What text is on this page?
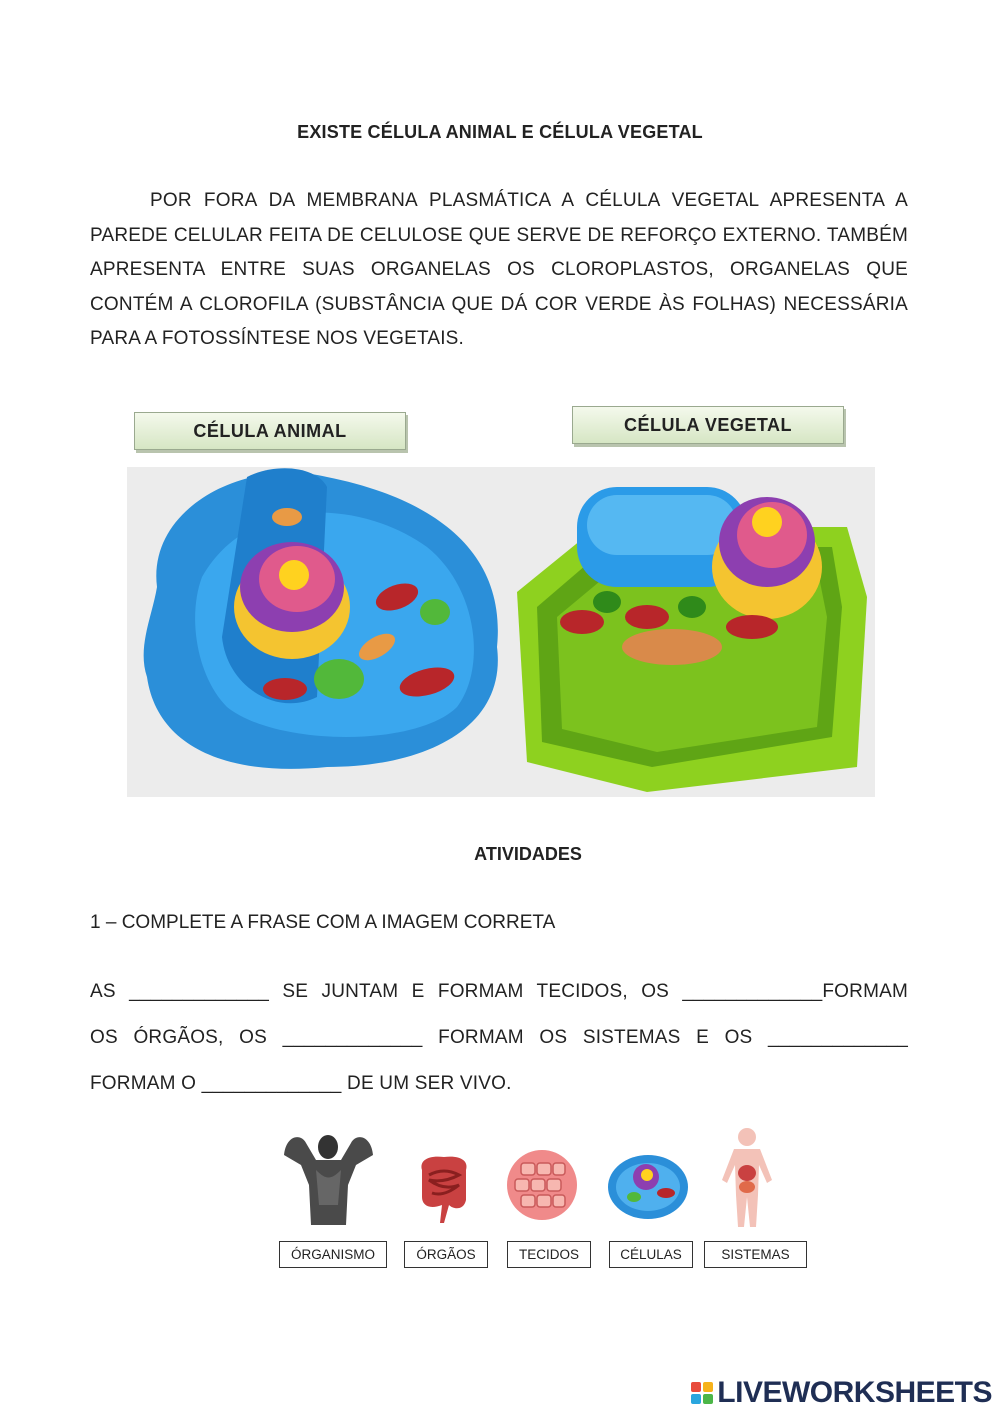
EXISTE CÉLULA ANIMAL E CÉLULA VEGETAL
POR FORA DA MEMBRANA PLASMÁTICA A CÉLULA VEGETAL APRESENTA A PAREDE CELULAR FEITA DE CELULOSE QUE SERVE DE REFORÇO EXTERNO. TAMBÉM APRESENTA ENTRE SUAS ORGANELAS OS CLOROPLASTOS, ORGANELAS QUE CONTÉM A CLOROFILA (SUBSTÂNCIA QUE DÁ COR VERDE ÀS FOLHAS) NECESSÁRIA PARA A FOTOSSÍNTESE NOS VEGETAIS.
CÉLULA ANIMAL	CÉLULA VEGETAL
ATIVIDADES
1 – COMPLETE A FRASE COM A IMAGEM CORRETA
AS _____________ SE JUNTAM E FORMAM TECIDOS, OS _____________FORMAM
OS ÓRGÃOS, OS _____________ FORMAM OS SISTEMAS E OS _____________
FORMAM O _____________ DE UM SER VIVO.
ÓRGANISMO	ÓRGÃOS	TECIDOS	CÉLULAS	SISTEMAS
LIVEWORKSHEETS
